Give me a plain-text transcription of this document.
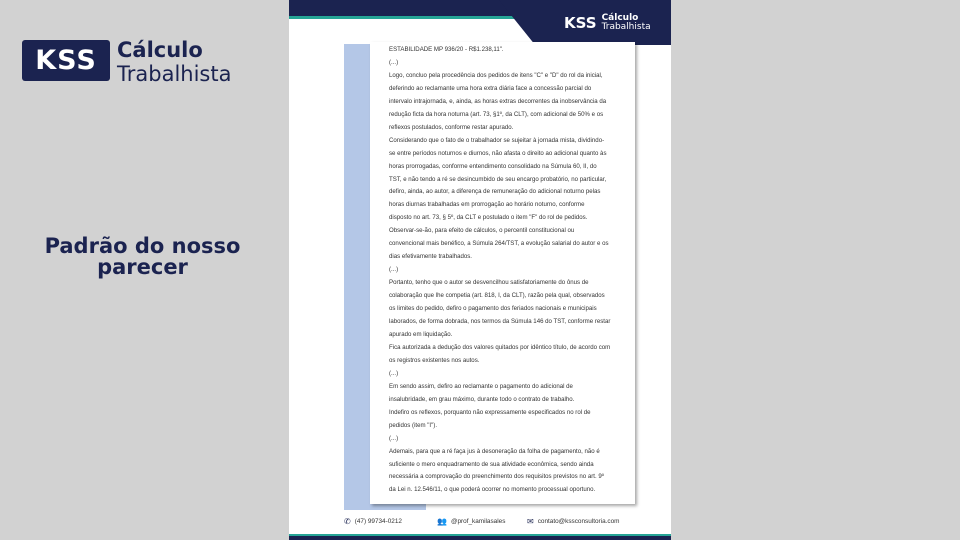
KSS Cálculo
Trabalhista
Padrão do nosso parecer
KSS Cálculo
Trabalhista

ESTABILIDADE MP 936/20 - R$1.238,11".

(...)

Logo, concluo pela procedência dos pedidos de itens "C" e "D" do rol da inicial,

deferindo ao reclamante uma hora extra diária face a concessão parcial do

intervalo intrajornada, e, ainda, as horas extras decorrentes da inobservância da

redução ficta da hora noturna (art. 73, §1º, da CLT), com adicional de 50% e os

reflexos postulados, conforme restar apurado.

Considerando que o fato de o trabalhador se sujeitar à jornada mista, dividindo-

se entre períodos noturnos e diurnos, não afasta o direito ao adicional quanto às

horas prorrogadas, conforme entendimento consolidado na Súmula 60, II, do

TST, e não tendo a ré se desincumbido de seu encargo probatório, no particular,

defiro, ainda, ao autor, a diferença de remuneração do adicional noturno pelas

horas diurnas trabalhadas em prorrogação ao horário noturno, conforme

disposto no art. 73, § 5º, da CLT e postulado o item "F" do rol de pedidos.

Observar-se-ão, para efeito de cálculos, o percentil constitucional ou

convencional mais benéfico, a Súmula 264/TST, a evolução salarial do autor e os

dias efetivamente trabalhados.

(...)

Portanto, tenho que o autor se desvencilhou satisfatoriamente do ônus de

colaboração que lhe competia (art. 818, I, da CLT), razão pela qual, observados

os limites do pedido, defiro o pagamento dos feriados nacionais e municipais

laborados, de forma dobrada, nos termos da Súmula 146 do TST, conforme restar

apurado em liquidação.

Fica autorizada a dedução dos valores quitados por idêntico título, de acordo com

os registros existentes nos autos.

(...)

Em sendo assim, defiro ao reclamante o pagamento do adicional de

insalubridade, em grau máximo, durante todo o contrato de trabalho.

Indefiro os reflexos, porquanto não expressamente especificados no rol de

pedidos (item "I").

(...)

Ademais, para que a ré faça jus à desoneração da folha de pagamento, não é

suficiente o mero enquadramento de sua atividade econômica, sendo ainda

necessária a comprovação do preenchimento dos requisitos previstos no art. 9º

da Lei n. 12.546/11, o que poderá ocorrer no momento processual oportuno.

✆ (47) 99734-0212	👥 @prof_kamilasales	✉ contato@kssconsultoria.com
